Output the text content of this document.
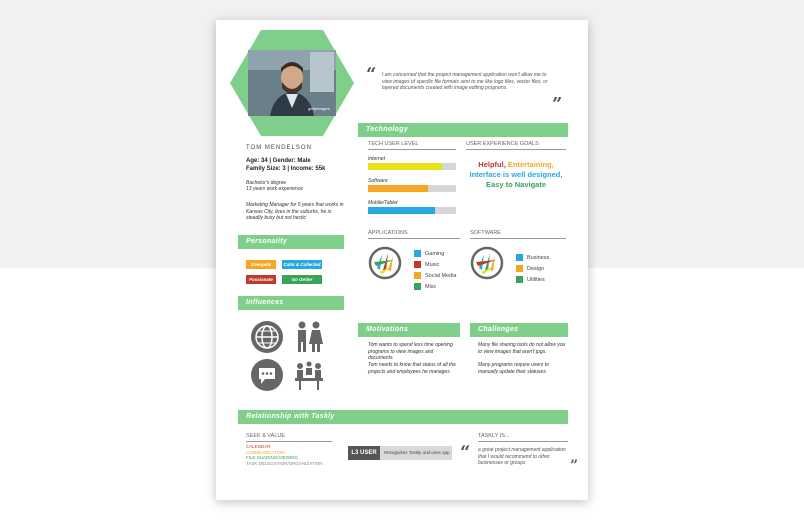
gettyimages
TOM MENDELSON
Age: 34 | Gender: Male
Family Size: 3 | Income: 55k
Bachelor's degree
13 years work experience
Marketing Manager for 5 years that works in Kansas City, lives in the suburbs, he is steadily busy but not hectic
“ I am concerned that the project management application won't allow me to view images of specific file formats sent to me like logo files, vector files, or layered documents created with image editing programs.
”
Technology
TECH USER LEVEL	USER EXPERIENCE GOALS
Internet
Software
Mobile/Tablet
Helpful, Entertaining,
Interface is well designed,
Easy to Navigate
APPLICATIONS	SOFTWARE
Gaming
Music
Social Media
Misc
Business
Design
Utilities
Personality
Energetic	Calm & Collected
Passionate	Go Getter
Influences
Motivations	Challenges
Tom wants to spend less time opening programs to view images and documents.
Tom needs to know that status of all the projects and employees he manages
Many file sharing tools do not allow you to view images that aren't jpgs.
Many programs require users to manually update their statuses
Relationship with Taskly
SEEK & VALUE
CALENDAR
COMMUNICATION
FILE SHARING/VIEWING
TASK DELEGATION/ORGANIZATION
L3 USER	Recognizes Taskly and uses app
TASKLY IS...
“ a great project management application that I would recommend to other businesses or groups	”
